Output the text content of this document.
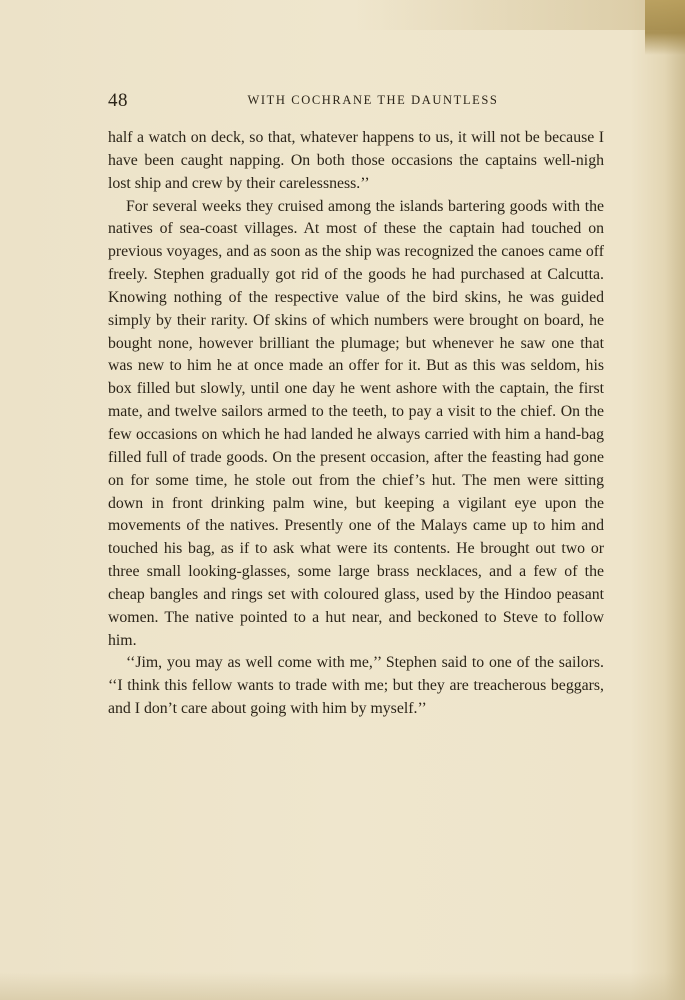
48	WITH COCHRANE THE DAUNTLESS

half a watch on deck, so that, whatever happens to us, it will not be because I have been caught napping. On both those occasions the captains well-nigh lost ship and crew by their carelessness.’’

For several weeks they cruised among the islands bartering goods with the natives of sea-coast villages. At most of these the captain had touched on previous voyages, and as soon as the ship was recognized the canoes came off freely. Stephen gradually got rid of the goods he had purchased at Calcutta. Knowing nothing of the respective value of the bird skins, he was guided simply by their rarity. Of skins of which numbers were brought on board, he bought none, however brilliant the plumage; but whenever he saw one that was new to him he at once made an offer for it. But as this was seldom, his box filled but slowly, until one day he went ashore with the captain, the first mate, and twelve sailors armed to the teeth, to pay a visit to the chief. On the few occasions on which he had landed he always carried with him a hand-bag filled full of trade goods. On the present occasion, after the feasting had gone on for some time, he stole out from the chief’s hut. The men were sitting down in front drinking palm wine, but keeping a vigilant eye upon the movements of the natives. Presently one of the Malays came up to him and touched his bag, as if to ask what were its contents. He brought out two or three small looking-glasses, some large brass necklaces, and a few of the cheap bangles and rings set with coloured glass, used by the Hindoo peasant women. The native pointed to a hut near, and beckoned to Steve to follow him.

‘‘Jim, you may as well come with me,’’ Stephen said to one of the sailors. ‘‘I think this fellow wants to trade with me; but they are treacherous beggars, and I don’t care about going with him by myself.’’
